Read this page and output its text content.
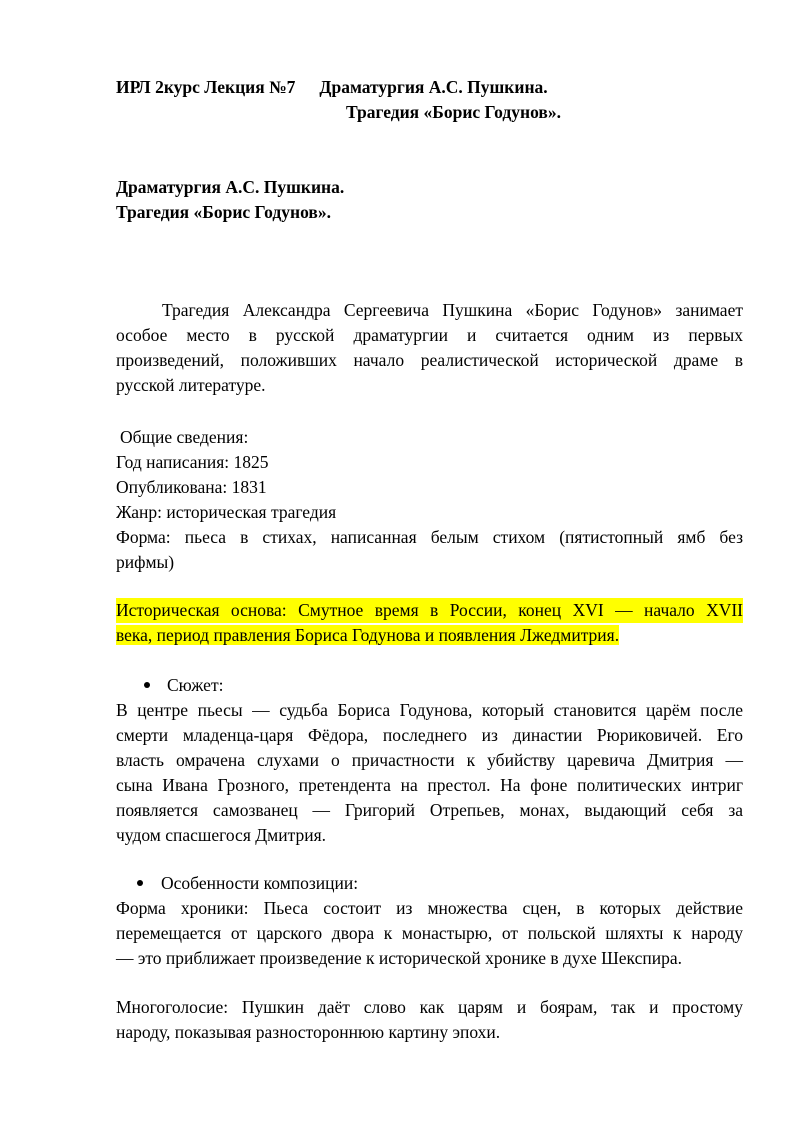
ИРЛ 2курс Лекция №7 Драматургия А.С. Пушкина.
Трагедия «Борис Годунов».
Драматургия А.С. Пушкина.
Трагедия «Борис Годунов».
Трагедия Александра Сергеевича Пушкина «Борис Годунов» занимает
особое место в русской драматургии и считается одним из первых
произведений, положивших начало реалистической исторической драме в
русской литературе.
Общие сведения:
Год написания: 1825
Опубликована: 1831
Жанр: историческая трагедия
Форма: пьеса в стихах, написанная белым стихом (пятистопный ямб без
рифмы)
Историческая основа: Смутное время в России, конец XVI — начало XVII
века, период правления Бориса Годунова и появления Лжедмитрия.
Сюжет:
В центре пьесы — судьба Бориса Годунова, который становится царём после
смерти младенца-царя Фёдора, последнего из династии Рюриковичей. Его
власть омрачена слухами о причастности к убийству царевича Дмитрия —
сына Ивана Грозного, претендента на престол. На фоне политических интриг
появляется самозванец — Григорий Отрепьев, монах, выдающий себя за
чудом спасшегося Дмитрия.
Особенности композиции:
Форма хроники: Пьеса состоит из множества сцен, в которых действие
перемещается от царского двора к монастырю, от польской шляхты к народу
— это приближает произведение к исторической хронике в духе Шекспира.
Многоголосие: Пушкин даёт слово как царям и боярам, так и простому
народу, показывая разностороннюю картину эпохи.
